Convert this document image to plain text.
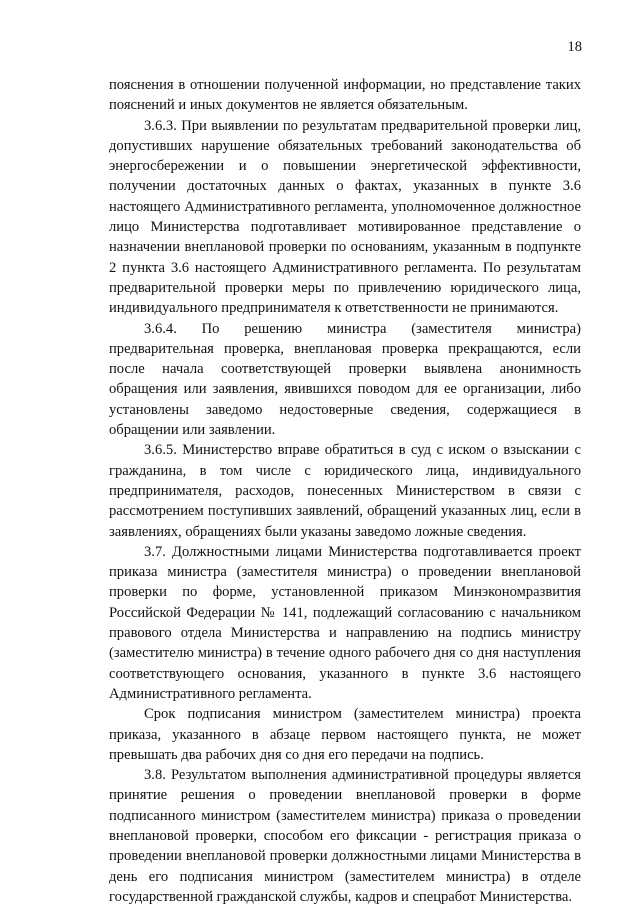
18

пояснения в отношении полученной информации, но представление таких пояснений и иных документов не является обязательным.

3.6.3. При выявлении по результатам предварительной проверки лиц, допустивших нарушение обязательных требований законодательства об энергосбережении и о повышении энергетической эффективности, получении достаточных данных о фактах, указанных в пункте 3.6 настоящего Административного регламента, уполномоченное должностное лицо Министерства подготавливает мотивированное представление о назначении внеплановой проверки по основаниям, указанным в подпункте 2 пункта 3.6 настоящего Административного регламента. По результатам предварительной проверки меры по привлечению юридического лица, индивидуального предпринимателя к ответственности не принимаются.

3.6.4. По решению министра (заместителя министра) предварительная проверка, внеплановая проверка прекращаются, если после начала соответствующей проверки выявлена анонимность обращения или заявления, явившихся поводом для ее организации, либо установлены заведомо недостоверные сведения, содержащиеся в обращении или заявлении.

3.6.5. Министерство вправе обратиться в суд с иском о взыскании с гражданина, в том числе с юридического лица, индивидуального предпринимателя, расходов, понесенных Министерством в связи с рассмотрением поступивших заявлений, обращений указанных лиц, если в заявлениях, обращениях были указаны заведомо ложные сведения.

3.7. Должностными лицами Министерства подготавливается проект приказа министра (заместителя министра) о проведении внеплановой проверки по форме, установленной приказом Минэкономразвития Российской Федерации № 141, подлежащий согласованию с начальником правового отдела Министерства и направлению на подпись министру (заместителю министра) в течение одного рабочего дня со дня наступления соответствующего основания, указанного в пункте 3.6 настоящего Административного регламента.

Срок подписания министром (заместителем министра) проекта приказа, указанного в абзаце первом настоящего пункта, не может превышать два рабочих дня со дня его передачи на подпись.

3.8. Результатом выполнения административной процедуры является принятие решения о проведении внеплановой проверки в форме подписанного министром (заместителем министра) приказа о проведении внеплановой проверки, способом его фиксации - регистрация приказа о проведении внеплановой проверки должностными лицами Министерства в день его подписания министром (заместителем министра) в отделе государственной гражданской службы, кадров и спецработ Министерства.
